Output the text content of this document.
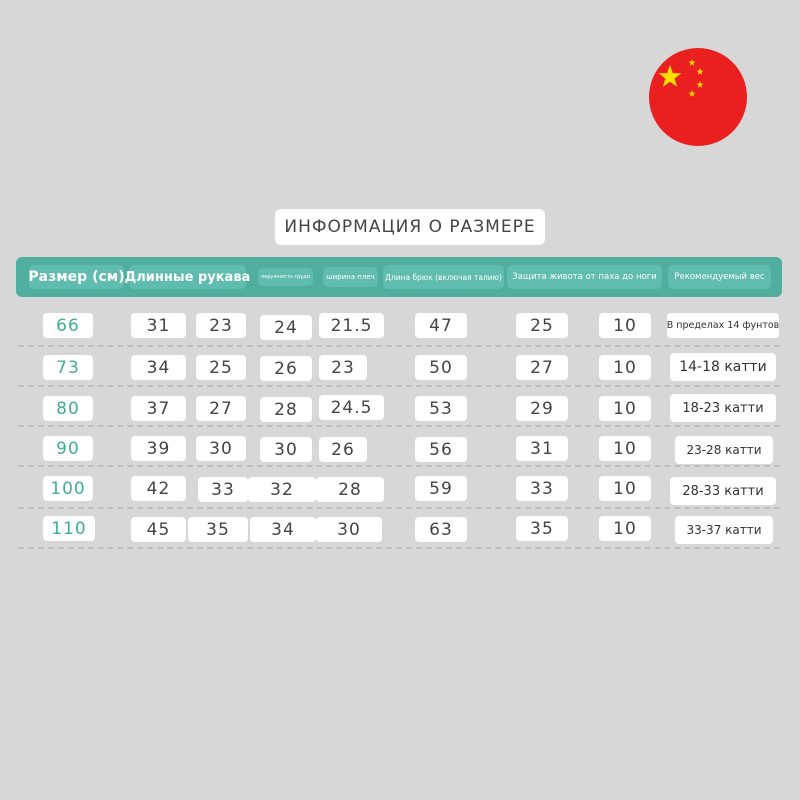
ИНФОРМАЦИЯ О РАЗМЕРЕ
Размер (см) Длинные рукава	окружность груди	ширина плеч	Длина брюк (включая талию)	Защита живота от паха до ноги	Рекомендуемый вес
66	31	23	24	21.5	47	25	10	В пределах 14 фунтов
73	34	25	26	23	50	27	10	14-18 катти
80	37	27	28	24.5	53	29	10	18-23 катти
90	39	30	30	26	56	31	10	23-28 катти
100	42	33	32	28	59	33	10	28-33 катти
110	45	35	34	30	63	35	10	33-37 катти
